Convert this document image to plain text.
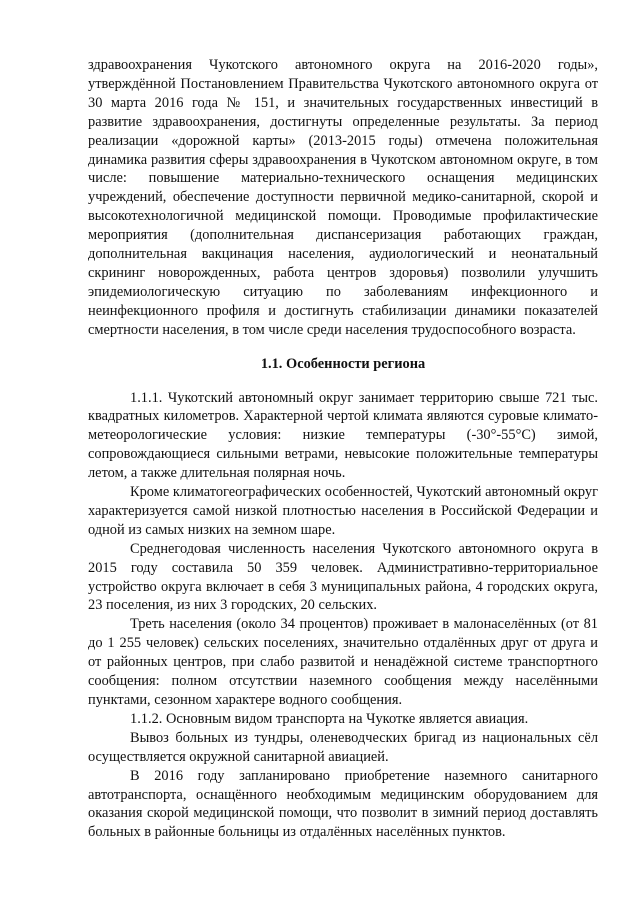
здравоохранения Чукотского автономного округа на 2016-2020 годы», утверждённой Постановлением Правительства Чукотского автономного округа от 30 марта 2016 года № 151, и значительных государственных инвестиций в развитие здравоохранения, достигнуты определенные результаты. За период реализации «дорожной карты» (2013-2015 годы) отмечена положительная динамика развития сферы здравоохранения в Чукотском автономном округе, в том числе: повышение материально-технического оснащения медицинских учреждений, обеспечение доступности первичной медико-санитарной, скорой и высокотехнологичной медицинской помощи. Проводимые профилактические мероприятия (дополнительная диспансеризация работающих граждан, дополнительная вакцинация населения, аудиологический и неонатальный скрининг новорожденных, работа центров здоровья) позволили улучшить эпидемиологическую ситуацию по заболеваниям инфекционного и неинфекционного профиля и достигнуть стабилизации динамики показателей смертности населения, в том числе среди населения трудоспособного возраста.

1.1. Особенности региона

1.1.1. Чукотский автономный округ занимает территорию свыше 721 тыс. квадратных километров. Характерной чертой климата являются суровые климато-метеорологические условия: низкие температуры (-30°-55°С) зимой, сопровождающиеся сильными ветрами, невысокие положительные температуры летом, а также длительная полярная ночь.

Кроме климатогеографических особенностей, Чукотский автономный округ характеризуется самой низкой плотностью населения в Российской Федерации и одной из самых низких на земном шаре.

Среднегодовая численность населения Чукотского автономного округа в 2015 году составила 50 359 человек. Административно-территориальное устройство округа включает в себя 3 муниципальных района, 4 городских округа, 23 поселения, из них 3 городских, 20 сельских.

Треть населения (около 34 процентов) проживает в малонаселённых (от 81 до 1 255 человек) сельских поселениях, значительно отдалённых друг от друга и от районных центров, при слабо развитой и ненадёжной системе транспортного сообщения: полном отсутствии наземного сообщения между населёнными пунктами, сезонном характере водного сообщения.

1.1.2. Основным видом транспорта на Чукотке является авиация.

Вывоз больных из тундры, оленеводческих бригад из национальных сёл осуществляется окружной санитарной авиацией.

В 2016 году запланировано приобретение наземного санитарного автотранспорта, оснащённого необходимым медицинским оборудованием для оказания скорой медицинской помощи, что позволит в зимний период доставлять больных в районные больницы из отдалённых населённых пунктов.
